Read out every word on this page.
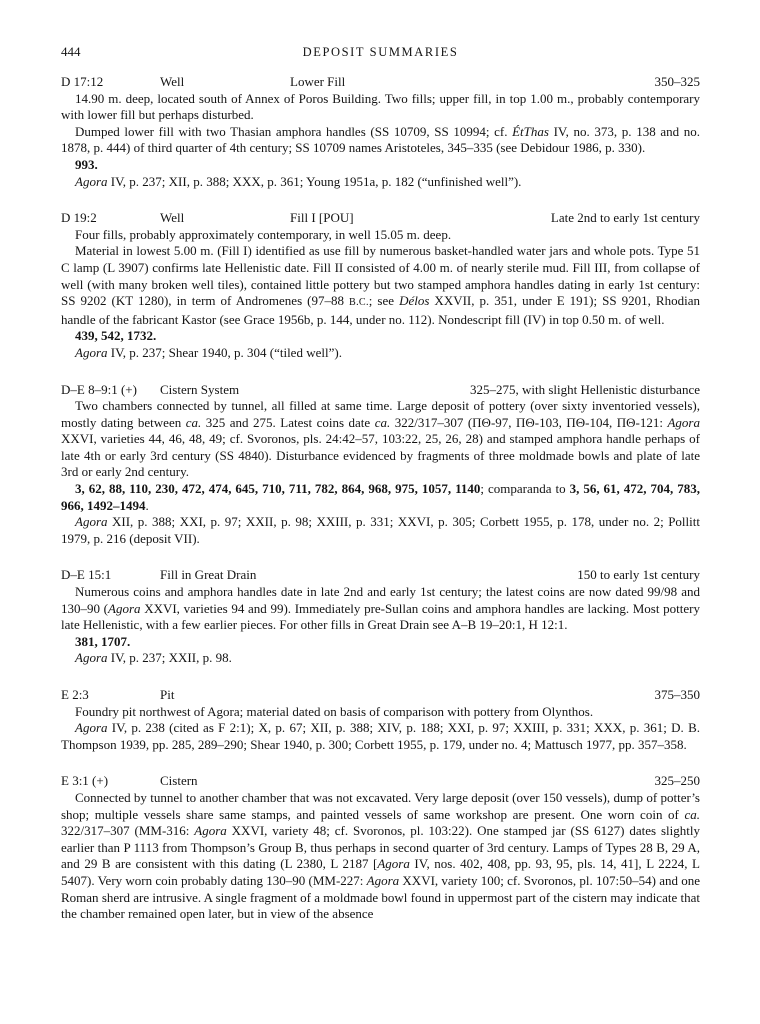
444	DEPOSIT SUMMARIES
D 17:12	Well	Lower Fill	350–325

14.90 m. deep, located south of Annex of Poros Building. Two fills; upper fill, in top 1.00 m., probably contemporary with lower fill but perhaps disturbed.

Dumped lower fill with two Thasian amphora handles (SS 10709, SS 10994; cf. ÉtThas IV, no. 373, p. 138 and no. 1878, p. 444) of third quarter of 4th century; SS 10709 names Aristoteles, 345–335 (see Debidour 1986, p. 330).

993.

Agora IV, p. 237; XII, p. 388; XXX, p. 361; Young 1951a, p. 182 (“unfinished well”).

D 19:2	Well	Fill I [POU]	Late 2nd to early 1st century

Four fills, probably approximately contemporary, in well 15.05 m. deep.

Material in lowest 5.00 m. (Fill I) identified as use fill by numerous basket-handled water jars and whole pots. Type 51 C lamp (L 3907) confirms late Hellenistic date. Fill II consisted of 4.00 m. of nearly sterile mud. Fill III, from collapse of well (with many broken well tiles), contained little pottery but two stamped amphora handles dating in early 1st century: SS 9202 (KT 1280), in term of Andromenes (97–88 B.C.; see Délos XXVII, p. 351, under E 191); SS 9201, Rhodian handle of the fabricant Kastor (see Grace 1956b, p. 144, under no. 112). Nondescript fill (IV) in top 0.50 m. of well.

439, 542, 1732.

Agora IV, p. 237; Shear 1940, p. 304 (“tiled well”).

D–E 8–9:1 (+) Cistern System	325–275, with slight Hellenistic disturbance

Two chambers connected by tunnel, all filled at same time. Large deposit of pottery (over sixty inventoried vessels), mostly dating between ca. 325 and 275. Latest coins date ca. 322/317–307 (ΠΘ-97, ΠΘ-103, ΠΘ-104, ΠΘ-121: Agora XXVI, varieties 44, 46, 48, 49; cf. Svoronos, pls. 24:42–57, 103:22, 25, 26, 28) and stamped amphora handle perhaps of late 4th or early 3rd century (SS 4840). Disturbance evidenced by fragments of three moldmade bowls and plate of late 3rd or early 2nd century.

3, 62, 88, 110, 230, 472, 474, 645, 710, 711, 782, 864, 968, 975, 1057, 1140; comparanda to 3, 56, 61, 472, 704, 783, 966, 1492–1494.

Agora XII, p. 388; XXI, p. 97; XXII, p. 98; XXIII, p. 331; XXVI, p. 305; Corbett 1955, p. 178, under no. 2; Pollitt 1979, p. 216 (deposit VII).

D–E 15:1	Fill in Great Drain	150 to early 1st century

Numerous coins and amphora handles date in late 2nd and early 1st century; the latest coins are now dated 99/98 and 130–90 (Agora XXVI, varieties 94 and 99). Immediately pre-Sullan coins and amphora handles are lacking. Most pottery late Hellenistic, with a few earlier pieces. For other fills in Great Drain see A–B 19–20:1, H 12:1.

381, 1707.

Agora IV, p. 237; XXII, p. 98.

E 2:3	Pit	375–350

Foundry pit northwest of Agora; material dated on basis of comparison with pottery from Olynthos.

Agora IV, p. 238 (cited as F 2:1); X, p. 67; XII, p. 388; XIV, p. 188; XXI, p. 97; XXIII, p. 331; XXX, p. 361; D. B. Thompson 1939, pp. 285, 289–290; Shear 1940, p. 300; Corbett 1955, p. 179, under no. 4; Mattusch 1977, pp. 357–358.

E 3:1 (+)	Cistern	325–250

Connected by tunnel to another chamber that was not excavated. Very large deposit (over 150 vessels), dump of potter’s shop; multiple vessels share same stamps, and painted vessels of same workshop are present. One worn coin of ca. 322/317–307 (MM-316: Agora XXVI, variety 48; cf. Svoronos, pl. 103:22). One stamped jar (SS 6127) dates slightly earlier than P 1113 from Thompson’s Group B, thus perhaps in second quarter of 3rd century. Lamps of Types 28 B, 29 A, and 29 B are consistent with this dating (L 2380, L 2187 [Agora IV, nos. 402, 408, pp. 93, 95, pls. 14, 41], L 2224, L 5407). Very worn coin probably dating 130–90 (MM-227: Agora XXVI, variety 100; cf. Svoronos, pl. 107:50–54) and one Roman sherd are intrusive. A single fragment of a moldmade bowl found in uppermost part of the cistern may indicate that the chamber remained open later, but in view of the absence
